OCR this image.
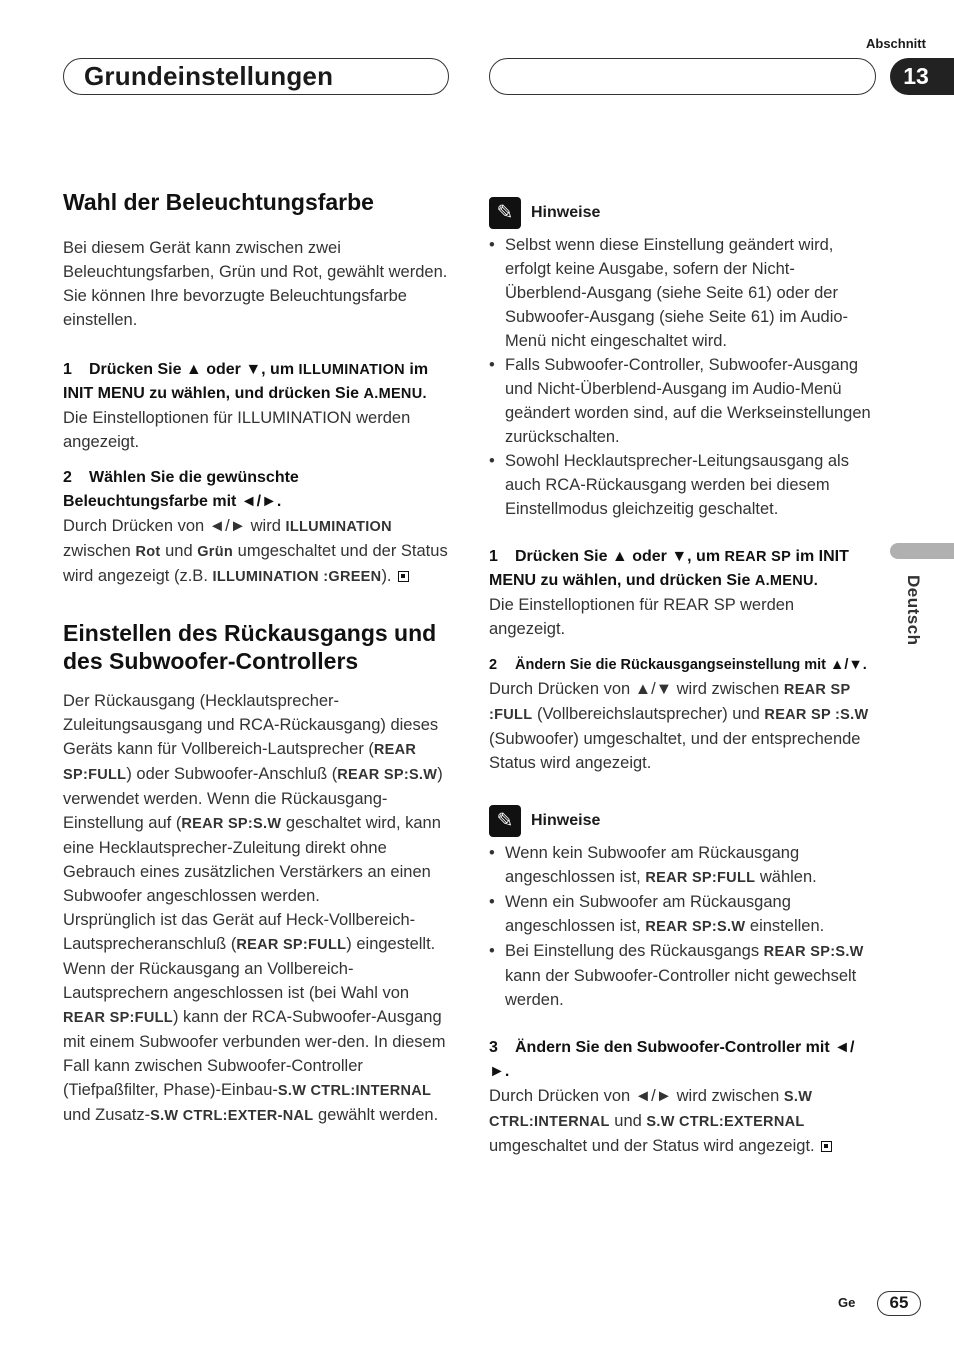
Abschnitt
Grundeinstellungen	13
Deutsch
Wahl der Beleuchtungsfarbe

Bei diesem Gerät kann zwischen zwei Beleuchtungsfarben, Grün und Rot, gewählt werden.

Sie können Ihre bevorzugte Beleuchtungsfarbe einstellen.

1 Drücken Sie ▲ oder ▼, um ILLUMINATION im INIT MENU zu wählen, und drücken Sie A.MENU.

Die Einstelloptionen für ILLUMINATION werden angezeigt.

2 Wählen Sie die gewünschte Beleuchtungsfarbe mit ◄/►.

Durch Drücken von ◄/► wird ILLUMINATION zwischen Rot und Grün umgeschaltet und der Status wird angezeigt (z.B. ILLUMINATION :GREEN).

Einstellen des Rückausgangs und des Subwoofer-Controllers

Der Rückausgang (Hecklautsprecher-Zuleitungsausgang und RCA-Rückausgang) dieses Geräts kann für Vollbereich-Lautsprecher (REAR SP:FULL) oder Subwoofer-Anschluß (REAR SP:S.W) verwendet werden. Wenn die Rückausgang-Einstellung auf (REAR SP:S.W geschaltet wird, kann eine Hecklautsprecher-Zuleitung direkt ohne Gebrauch eines zusätzlichen Verstärkers an einen Subwoofer angeschlossen werden.

Ursprünglich ist das Gerät auf Heck-Vollbereich-Lautsprecheranschluß (REAR SP:FULL) eingestellt.

Wenn der Rückausgang an Vollbereich-Lautsprechern angeschlossen ist (bei Wahl von REAR SP:FULL) kann der RCA-Subwoofer-Ausgang mit einem Subwoofer verbunden wer-den. In diesem Fall kann zwischen Subwoofer-Controller (Tiefpaßfilter, Phase)-Einbau-S.W CTRL:INTERNAL und Zusatz-S.W CTRL:EXTER-NAL gewählt werden.

✎	Hinweise
• Selbst wenn diese Einstellung geändert wird, erfolgt keine Ausgabe, sofern der Nicht-Überblend-Ausgang (siehe Seite 61) oder der Subwoofer-Ausgang (siehe Seite 61) im Audio-Menü nicht eingeschaltet wird.
• Falls Subwoofer-Controller, Subwoofer-Ausgang und Nicht-Überblend-Ausgang im Audio-Menü geändert worden sind, auf die Werkseinstellungen zurückschalten.
• Sowohl Hecklautsprecher-Leitungsausgang als auch RCA-Rückausgang werden bei diesem Einstellmodus gleichzeitig geschaltet.

1 Drücken Sie ▲ oder ▼, um REAR SP im INIT MENU zu wählen, und drücken Sie A.MENU.

Die Einstelloptionen für REAR SP werden angezeigt.

2 Ändern Sie die Rückausgangseinstellung mit ▲/▼.

Durch Drücken von ▲/▼ wird zwischen REAR SP :FULL (Vollbereichslautsprecher) und REAR SP :S.W (Subwoofer) umgeschaltet, und der entsprechende Status wird angezeigt.

✎	Hinweise
• Wenn kein Subwoofer am Rückausgang angeschlossen ist, REAR SP:FULL wählen.
• Wenn ein Subwoofer am Rückausgang angeschlossen ist, REAR SP:S.W einstellen.
• Bei Einstellung des Rückausgangs REAR SP:S.W kann der Subwoofer-Controller nicht gewechselt werden.

3 Ändern Sie den Subwoofer-Controller mit ◄/►.

Durch Drücken von ◄/► wird zwischen S.W CTRL:INTERNAL und S.W CTRL:EXTERNAL umgeschaltet und der Status wird angezeigt.

Ge	65
